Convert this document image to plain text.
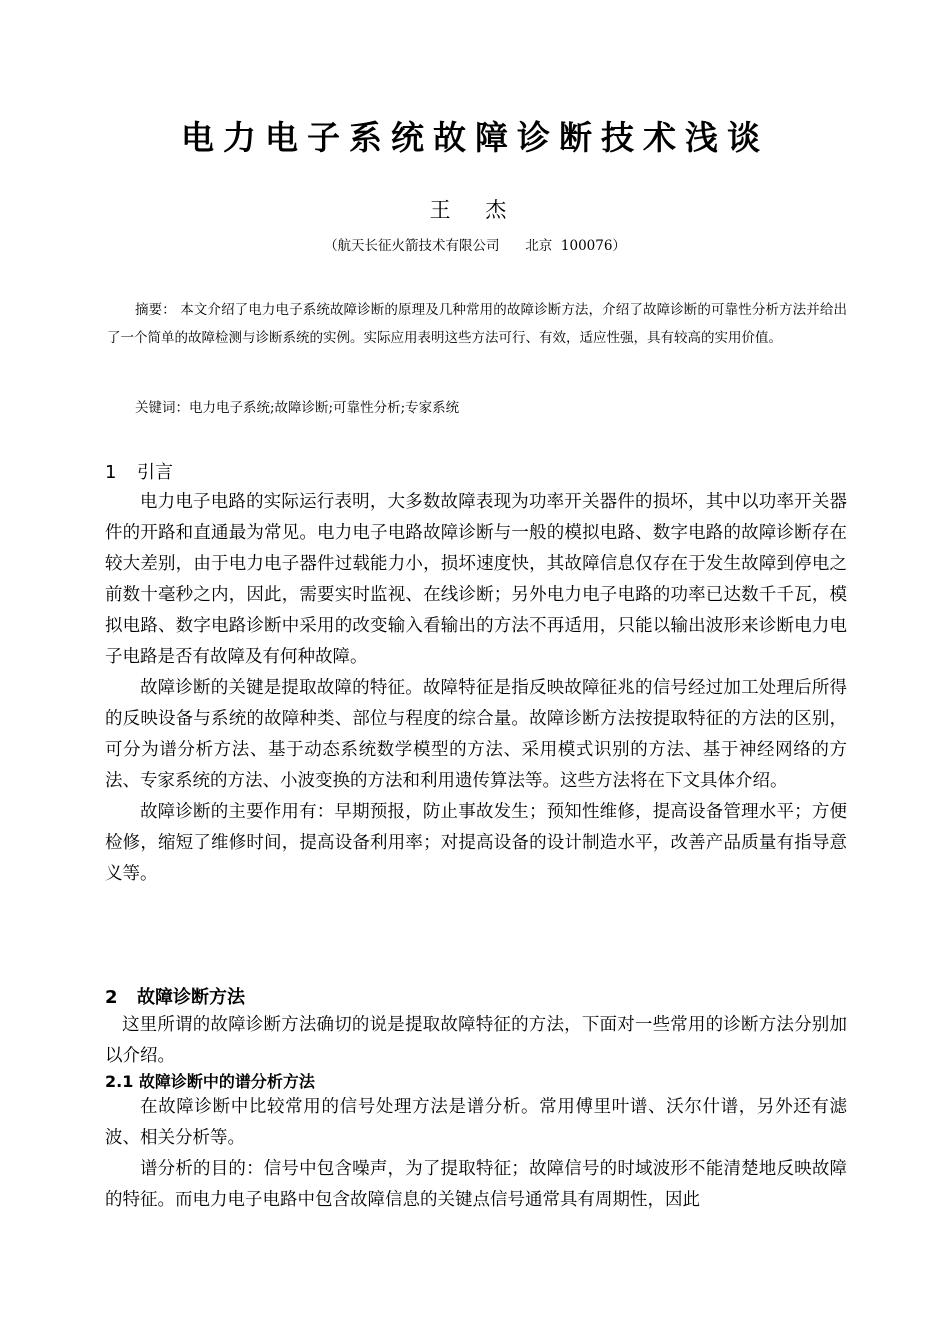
电力电子系统故障诊断技术浅谈
王 杰
（航天长征火箭技术有限公司      北京  100076）

摘要： 本文介绍了电力电子系统故障诊断的原理及几种常用的故障诊断方法，介绍了故障诊断的可靠性分析方法并给出了一个简单的故障检测与诊断系统的实例。实际应用表明这些方法可行、有效，适应性强，具有较高的实用价值。

关键词：电力电子系统;故障诊断;可靠性分析;专家系统
1 引言

电力电子电路的实际运行表明，大多数故障表现为功率开关器件的损坏，其中以功率开关器件的开路和直通最为常见。电力电子电路故障诊断与一般的模拟电路、数字电路的故障诊断存在较大差别，由于电力电子器件过载能力小，损坏速度快，其故障信息仅存在于发生故障到停电之前数十毫秒之内，因此，需要实时监视、在线诊断；另外电力电子电路的功率已达数千千瓦，模拟电路、数字电路诊断中采用的改变输入看输出的方法不再适用，只能以输出波形来诊断电力电子电路是否有故障及有何种故障。

故障诊断的关键是提取故障的特征。故障特征是指反映故障征兆的信号经过加工处理后所得的反映设备与系统的故障种类、部位与程度的综合量。故障诊断方法按提取特征的方法的区别，可分为谱分析方法、基于动态系统数学模型的方法、采用模式识别的方法、基于神经网络的方法、专家系统的方法、小波变换的方法和利用遗传算法等。这些方法将在下文具体介绍。

故障诊断的主要作用有：早期预报，防止事故发生；预知性维修，提高设备管理水平；方便检修，缩短了维修时间，提高设备利用率；对提高设备的设计制造水平，改善产品质量有指导意义等。

2 故障诊断方法

这里所谓的故障诊断方法确切的说是提取故障特征的方法，下面对一些常用的诊断方法分别加以介绍。

2.1 故障诊断中的谱分析方法

在故障诊断中比较常用的信号处理方法是谱分析。常用傅里叶谱、沃尔什谱，另外还有滤波、相关分析等。

谱分析的目的：信号中包含噪声，为了提取特征；故障信号的时域波形不能清楚地反映故障的特征。而电力电子电路中包含故障信息的关键点信号通常具有周期性，因此
